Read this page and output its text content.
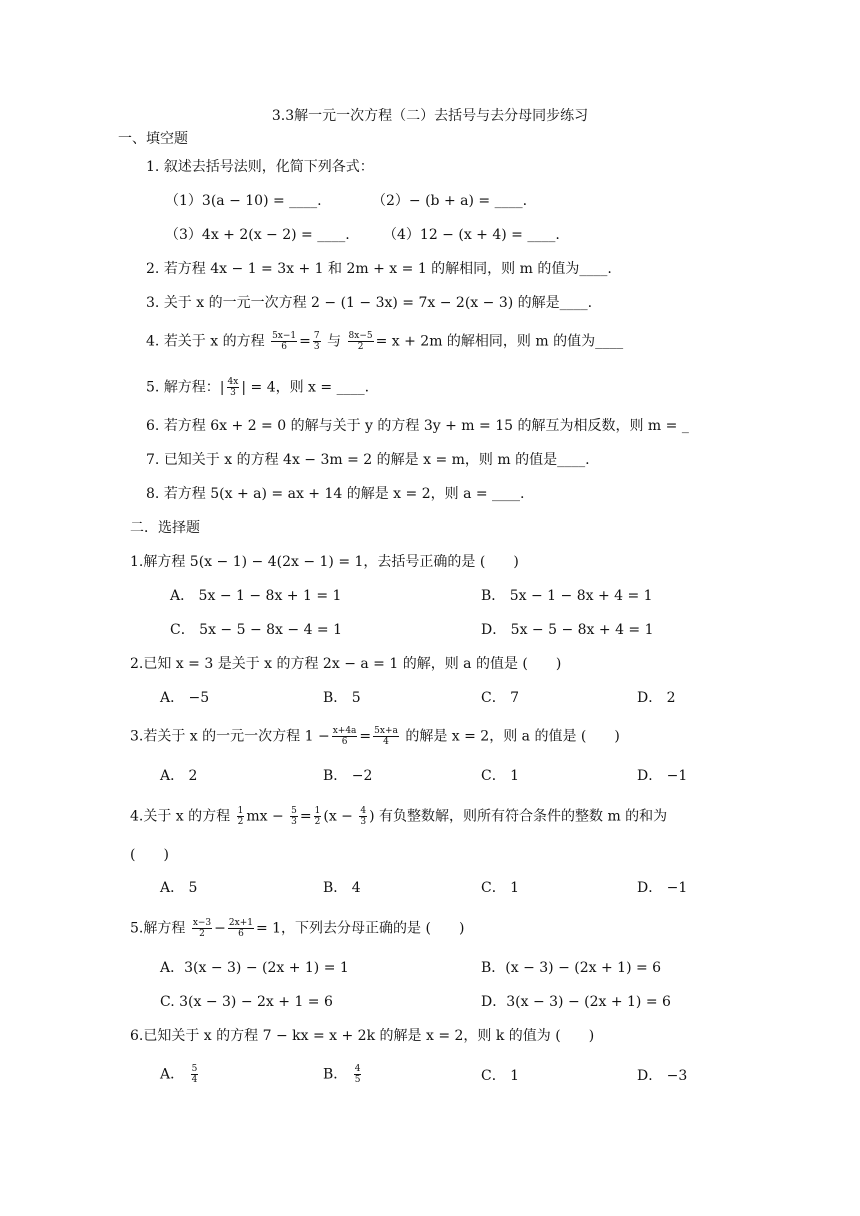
3.3解一元一次方程（二）去括号与去分母同步练习
一、填空题
1. 叙述去括号法则，化简下列各式：
（1）3(a − 10) = ____.	（2）− (b + a) = ____.
（3）4x + 2(x − 2) = ____. （4）12 − (x + 4) = ____.
2. 若方程 4x − 1 = 3x + 1 和 2m + x = 1 的解相同，则 m 的值为____.
3. 关于 x 的一元一次方程 2 − (1 − 3x) = 7x − 2(x − 3) 的解是____.
4. 若关于 x 的方程 $\frac{5x-1}{6} = \frac{7}{3}$ 与 $\frac{8x-5}{2} = x + 2m$ 的解相同，则 m 的值为____
5. 解方程：| $\frac{4x}{3}$ | = 4，则 x = ____.
6. 若方程 6x + 2 = 0 的解与关于 y 的方程 3y + m = 15 的解互为相反数，则 m = _
7. 已知关于 x 的方程 4x − 3m = 2 的解是 x = m，则 m 的值是____.
8. 若方程 5(x + a) = ax + 14 的解是 x = 2，则 a = ____.
二．选择题
1.解方程 5(x − 1) − 4(2x − 1) = 1，去括号正确的是 (　　)
A． 5x − 1 − 8x + 1 = 1	B． 5x − 1 − 8x + 4 = 1
C． 5x − 5 − 8x − 4 = 1	D． 5x − 5 − 8x + 4 = 1
2.已知 x = 3 是关于 x 的方程 2x − a = 1 的解，则 a 的值是 (　　)
A． −5	B． 5	C． 7	D． 2
3.若关于 x 的一元一次方程 $1 - \frac{x+4a}{6} = \frac{5x+a}{4}$ 的解是 x = 2，则 a 的值是 (　　)
A． 2	B． −2	C． 1	D． −1
4.关于 x 的方程 $\frac{1}{2}$ mx − $\frac{5}{3} = \frac{1}{2} (x - \frac{4}{3}$ ) 有负整数解，则所有符合条件的整数 m 的和为
(　　)
A． 5	B． 4	C． 1	D． −1
5.解方程 $\frac{x-3}{2} - \frac{2x+1}{6} = 1$，下列去分母正确的是 (　　)
A．3(x − 3) − (2x + 1) = 1	B．(x − 3) − (2x + 1) = 6
C. 3(x − 3) − 2x + 1 = 6	D．3(x − 3) − (2x + 1) = 6
6.已知关于 x 的方程 7 − kx = x + 2k 的解是 x = 2，则 k 的值为 (　　)
A． $\frac{5}{4}$	B． $\frac{4}{5}$	C． 1	D． −3
